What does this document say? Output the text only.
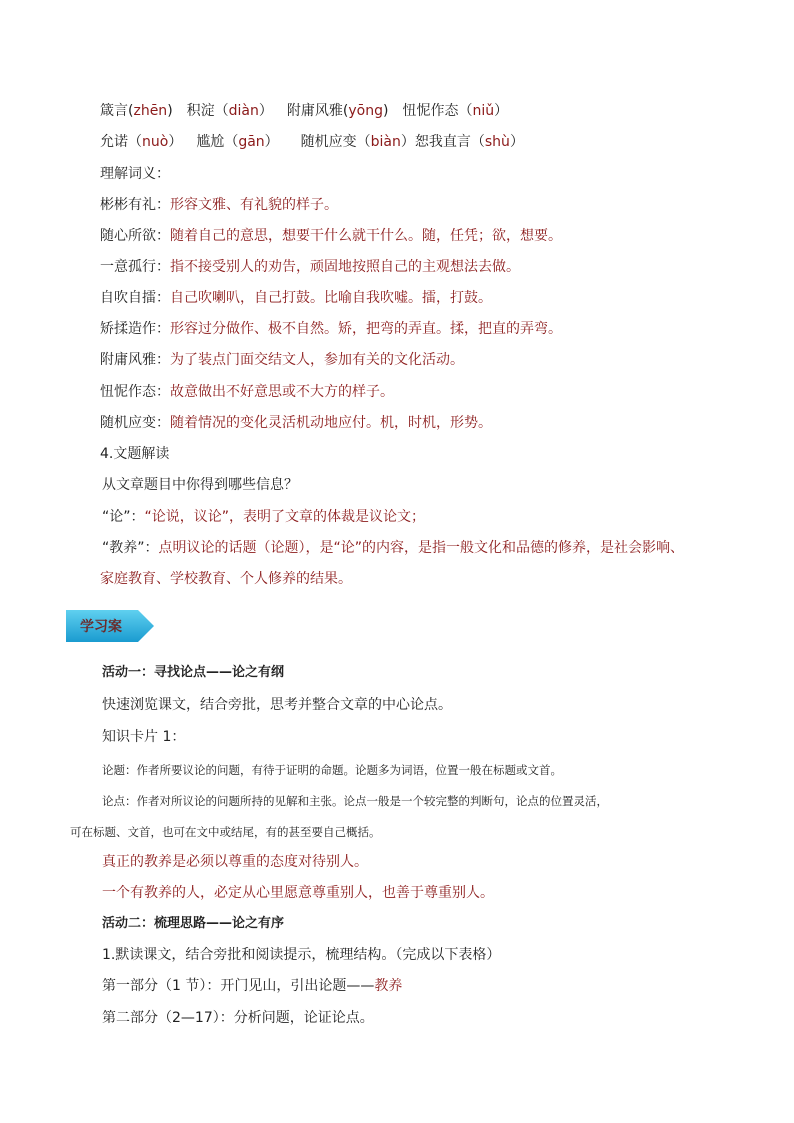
箴言(zhēn) 积淀（diàn） 附庸风雅(yōng) 忸怩作态（niǔ）
允诺（nuò） 尴尬（gān） 随机应变（biàn）恕我直言（shù）
理解词义：
彬彬有礼：形容文雅、有礼貌的样子。
随心所欲：随着自己的意思，想要干什么就干什么。随，任凭；欲，想要。
一意孤行：指不接受别人的劝告，顽固地按照自己的主观想法去做。
自吹自擂：自己吹喇叭，自己打鼓。比喻自我吹嘘。擂，打鼓。
矫揉造作：形容过分做作、极不自然。矫，把弯的弄直。揉，把直的弄弯。
附庸风雅：为了装点门面交结文人，参加有关的文化活动。
忸怩作态：故意做出不好意思或不大方的样子。
随机应变：随着情况的变化灵活机动地应付。机，时机，形势。
4.文题解读
从文章题目中你得到哪些信息？
“论”：“论说，议论”，表明了文章的体裁是议论文；
“教养”：点明议论的话题（论题），是“论”的内容，是指一般文化和品德的修养，是社会影响、
家庭教育、学校教育、个人修养的结果。
学习案
活动一：寻找论点——论之有纲
快速浏览课文，结合旁批，思考并整合文章的中心论点。
知识卡片 1：
论题：作者所要议论的问题，有待于证明的命题。论题多为词语，位置一般在标题或文首。
论点：作者对所议论的问题所持的见解和主张。论点一般是一个较完整的判断句，论点的位置灵活，
可在标题、文首，也可在文中或结尾，有的甚至要自己概括。
真正的教养是必须以尊重的态度对待别人。
一个有教养的人，必定从心里愿意尊重别人，也善于尊重别人。
活动二：梳理思路——论之有序
1.默读课文，结合旁批和阅读提示，梳理结构。（完成以下表格）
第一部分（1 节）：开门见山，引出论题——教养
第二部分（2—17）：分析问题，论证论点。
